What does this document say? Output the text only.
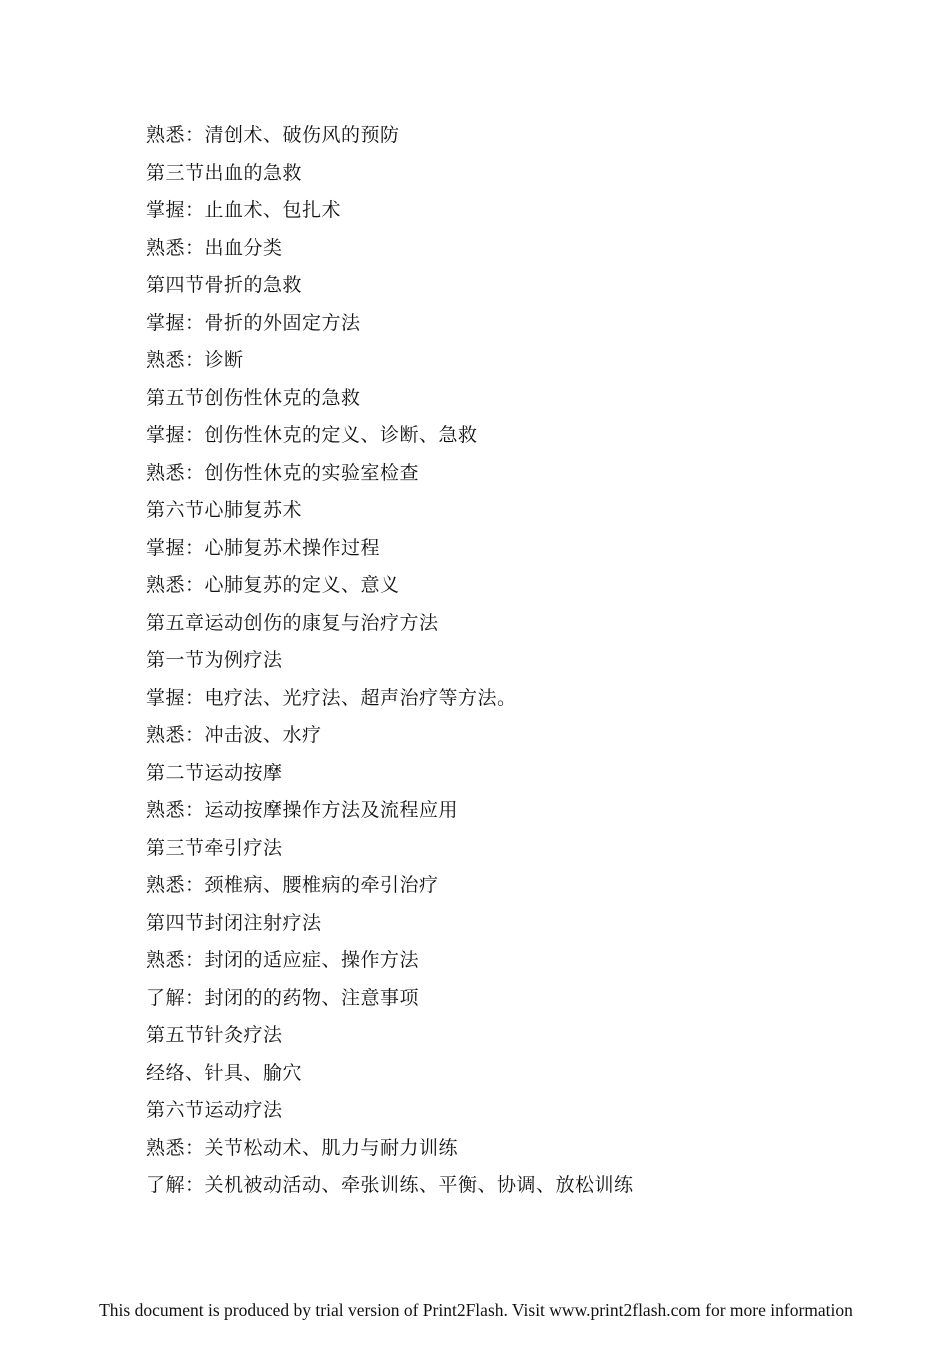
熟悉：清创术、破伤风的预防
第三节出血的急救
掌握：止血术、包扎术
熟悉：出血分类
第四节骨折的急救
掌握：骨折的外固定方法
熟悉：诊断
第五节创伤性休克的急救
掌握：创伤性休克的定义、诊断、急救
熟悉：创伤性休克的实验室检查
第六节心肺复苏术
掌握：心肺复苏术操作过程
熟悉：心肺复苏的定义、意义
第五章运动创伤的康复与治疗方法
第一节为例疗法
掌握：电疗法、光疗法、超声治疗等方法。
熟悉：冲击波、水疗
第二节运动按摩
熟悉：运动按摩操作方法及流程应用
第三节牵引疗法
熟悉：颈椎病、腰椎病的牵引治疗
第四节封闭注射疗法
熟悉：封闭的适应症、操作方法
了解：封闭的的药物、注意事项
第五节针灸疗法
经络、针具、腧穴
第六节运动疗法
熟悉：关节松动术、肌力与耐力训练
了解：关机被动活动、牵张训练、平衡、协调、放松训练
This document is produced by trial version of Print2Flash. Visit www.print2flash.com for more information
